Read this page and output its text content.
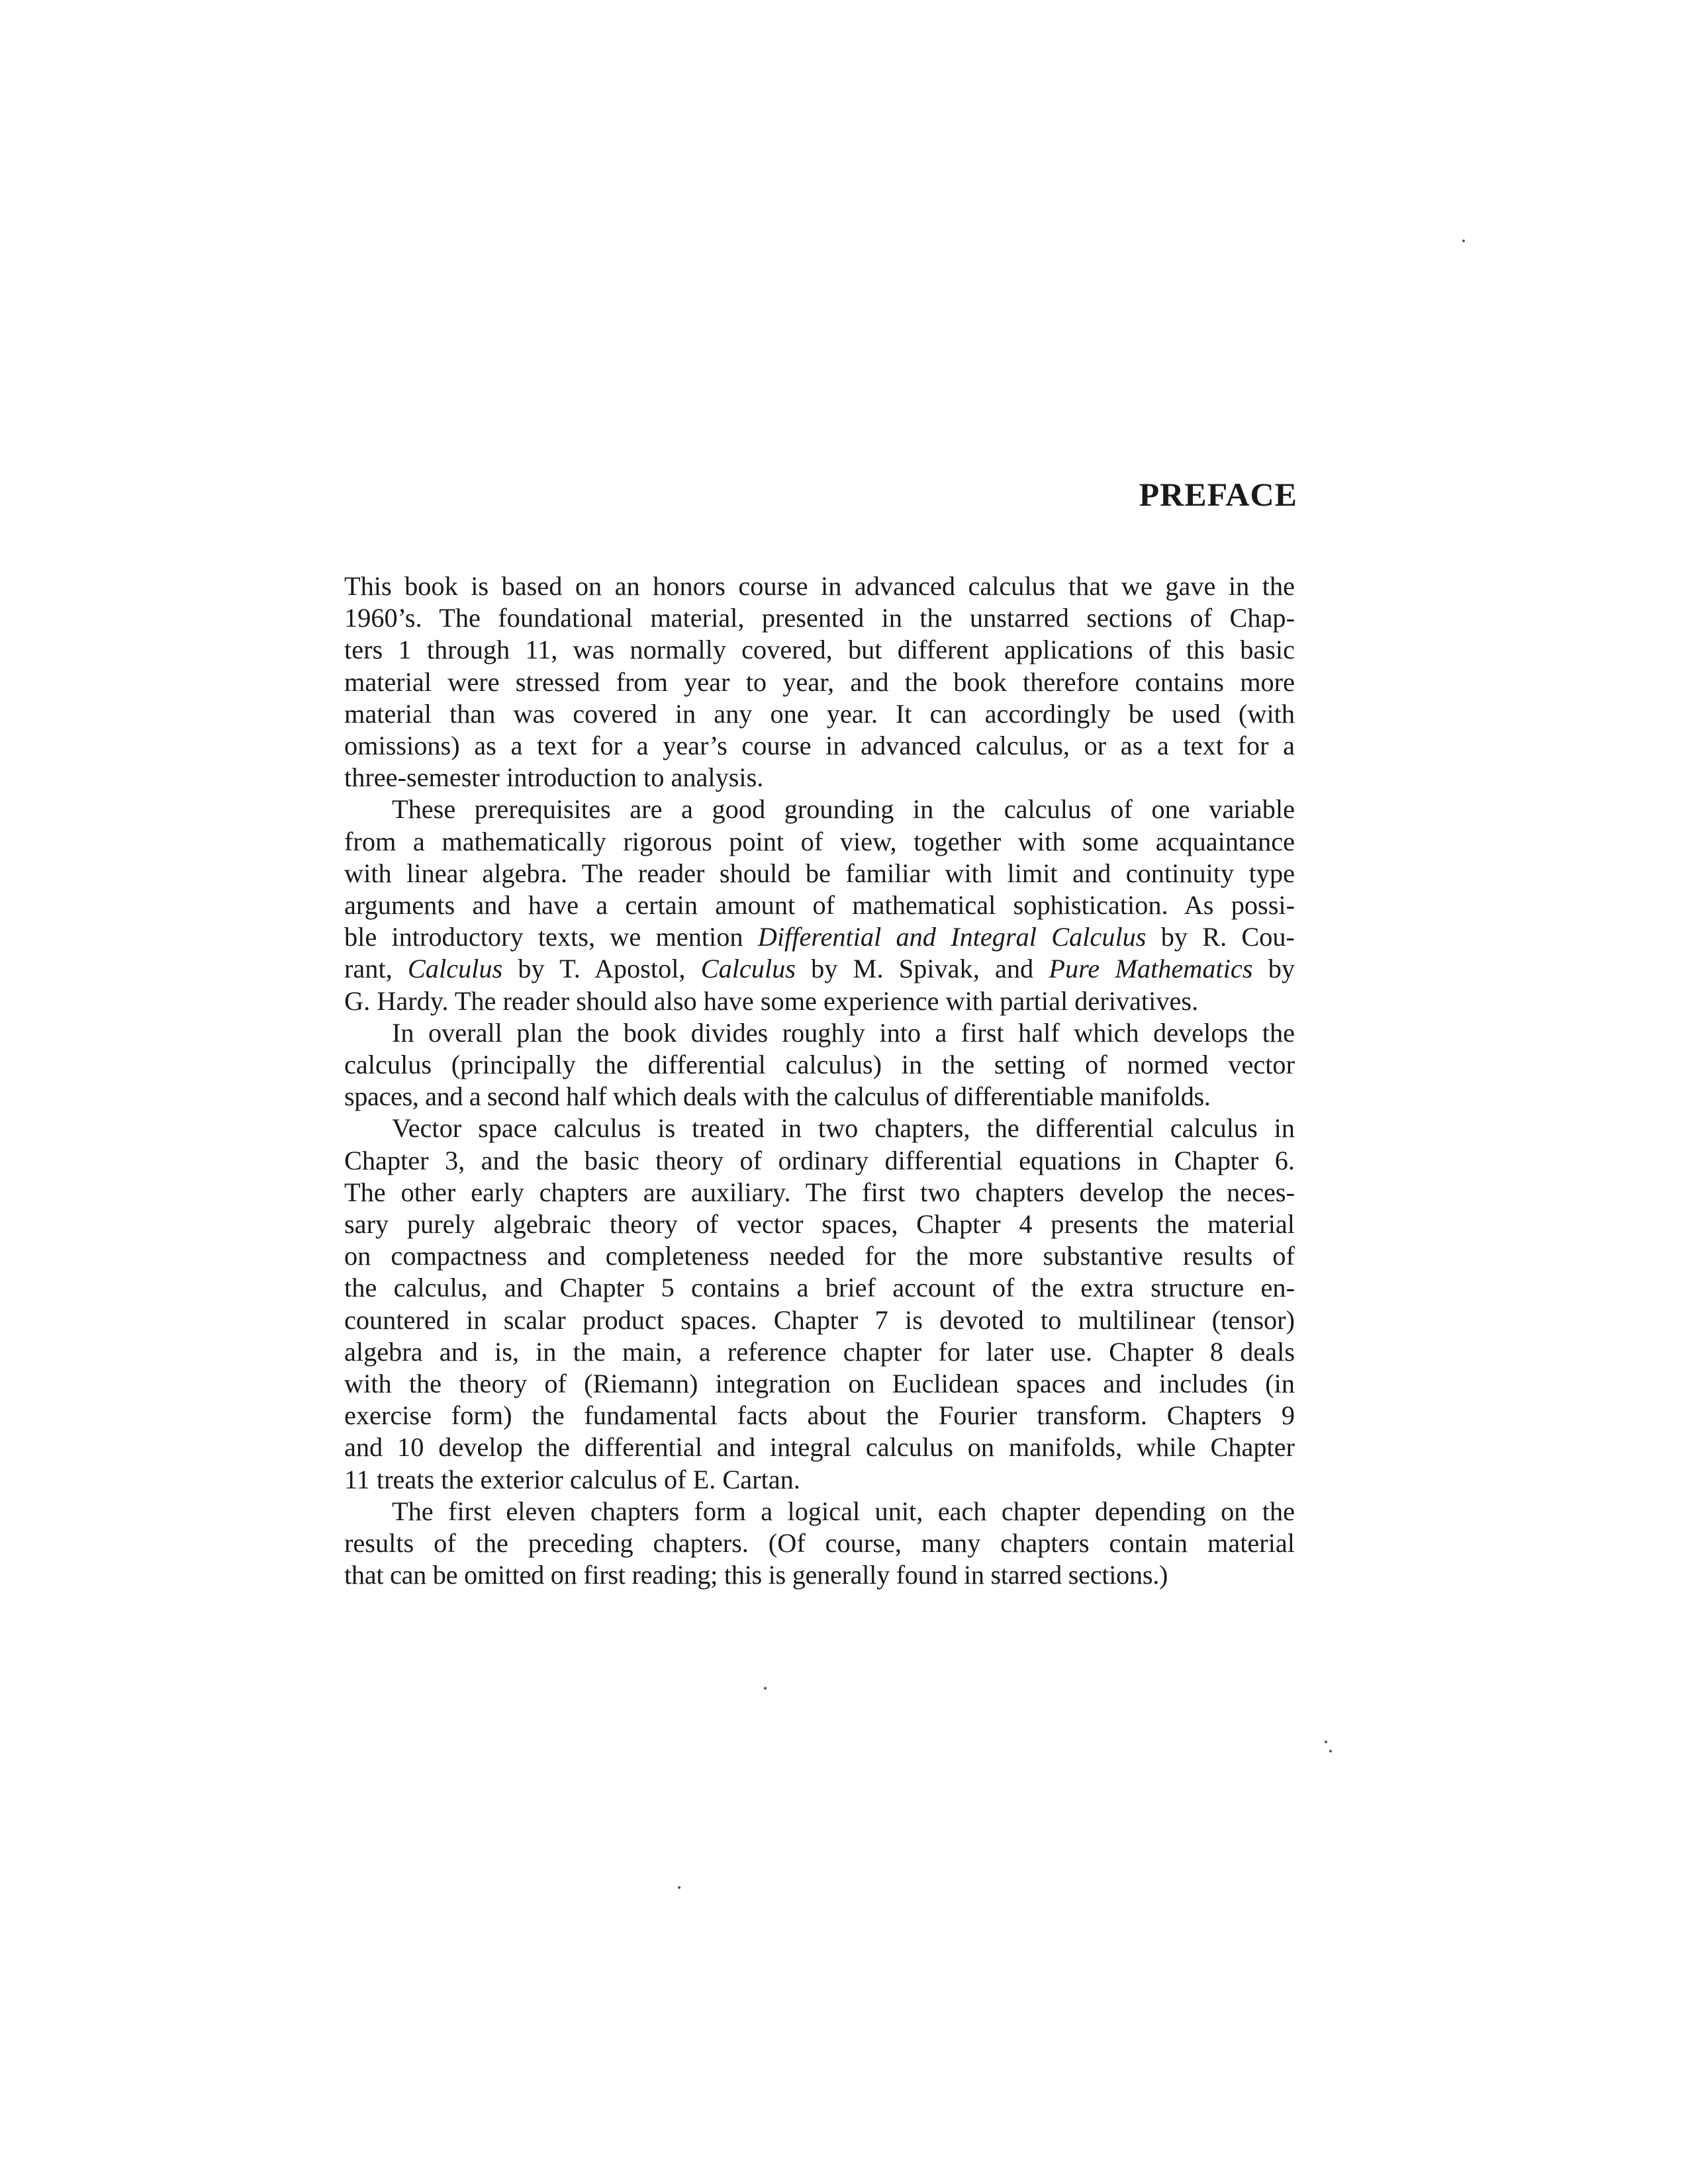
PREFACE

This book is based on an honors course in advanced calculus that we gave in the
1960’s. The foundational material, presented in the unstarred sections of Chap-
ters 1 through 11, was normally covered, but different applications of this basic
material were stressed from year to year, and the book therefore contains more
material than was covered in any one year. It can accordingly be used (with
omissions) as a text for a year’s course in advanced calculus, or as a text for a
three-semester introduction to analysis.

These prerequisites are a good grounding in the calculus of one variable
from a mathematically rigorous point of view, together with some acquaintance
with linear algebra. The reader should be familiar with limit and continuity type
arguments and have a certain amount of mathematical sophistication. As possi-
ble introductory texts, we mention Differential and Integral Calculus by R. Cou-
rant, Calculus by T. Apostol, Calculus by M. Spivak, and Pure Mathematics by
G. Hardy. The reader should also have some experience with partial derivatives.

In overall plan the book divides roughly into a first half which develops the
calculus (principally the differential calculus) in the setting of normed vector
spaces, and a second half which deals with the calculus of differentiable manifolds.

Vector space calculus is treated in two chapters, the differential calculus in
Chapter 3, and the basic theory of ordinary differential equations in Chapter 6.
The other early chapters are auxiliary. The first two chapters develop the neces-
sary purely algebraic theory of vector spaces, Chapter 4 presents the material
on compactness and completeness needed for the more substantive results of
the calculus, and Chapter 5 contains a brief account of the extra structure en-
countered in scalar product spaces. Chapter 7 is devoted to multilinear (tensor)
algebra and is, in the main, a reference chapter for later use. Chapter 8 deals
with the theory of (Riemann) integration on Euclidean spaces and includes (in
exercise form) the fundamental facts about the Fourier transform. Chapters 9
and 10 develop the differential and integral calculus on manifolds, while Chapter
11 treats the exterior calculus of E. Cartan.

The first eleven chapters form a logical unit, each chapter depending on the
results of the preceding chapters. (Of course, many chapters contain material
that can be omitted on first reading; this is generally found in starred sections.)
